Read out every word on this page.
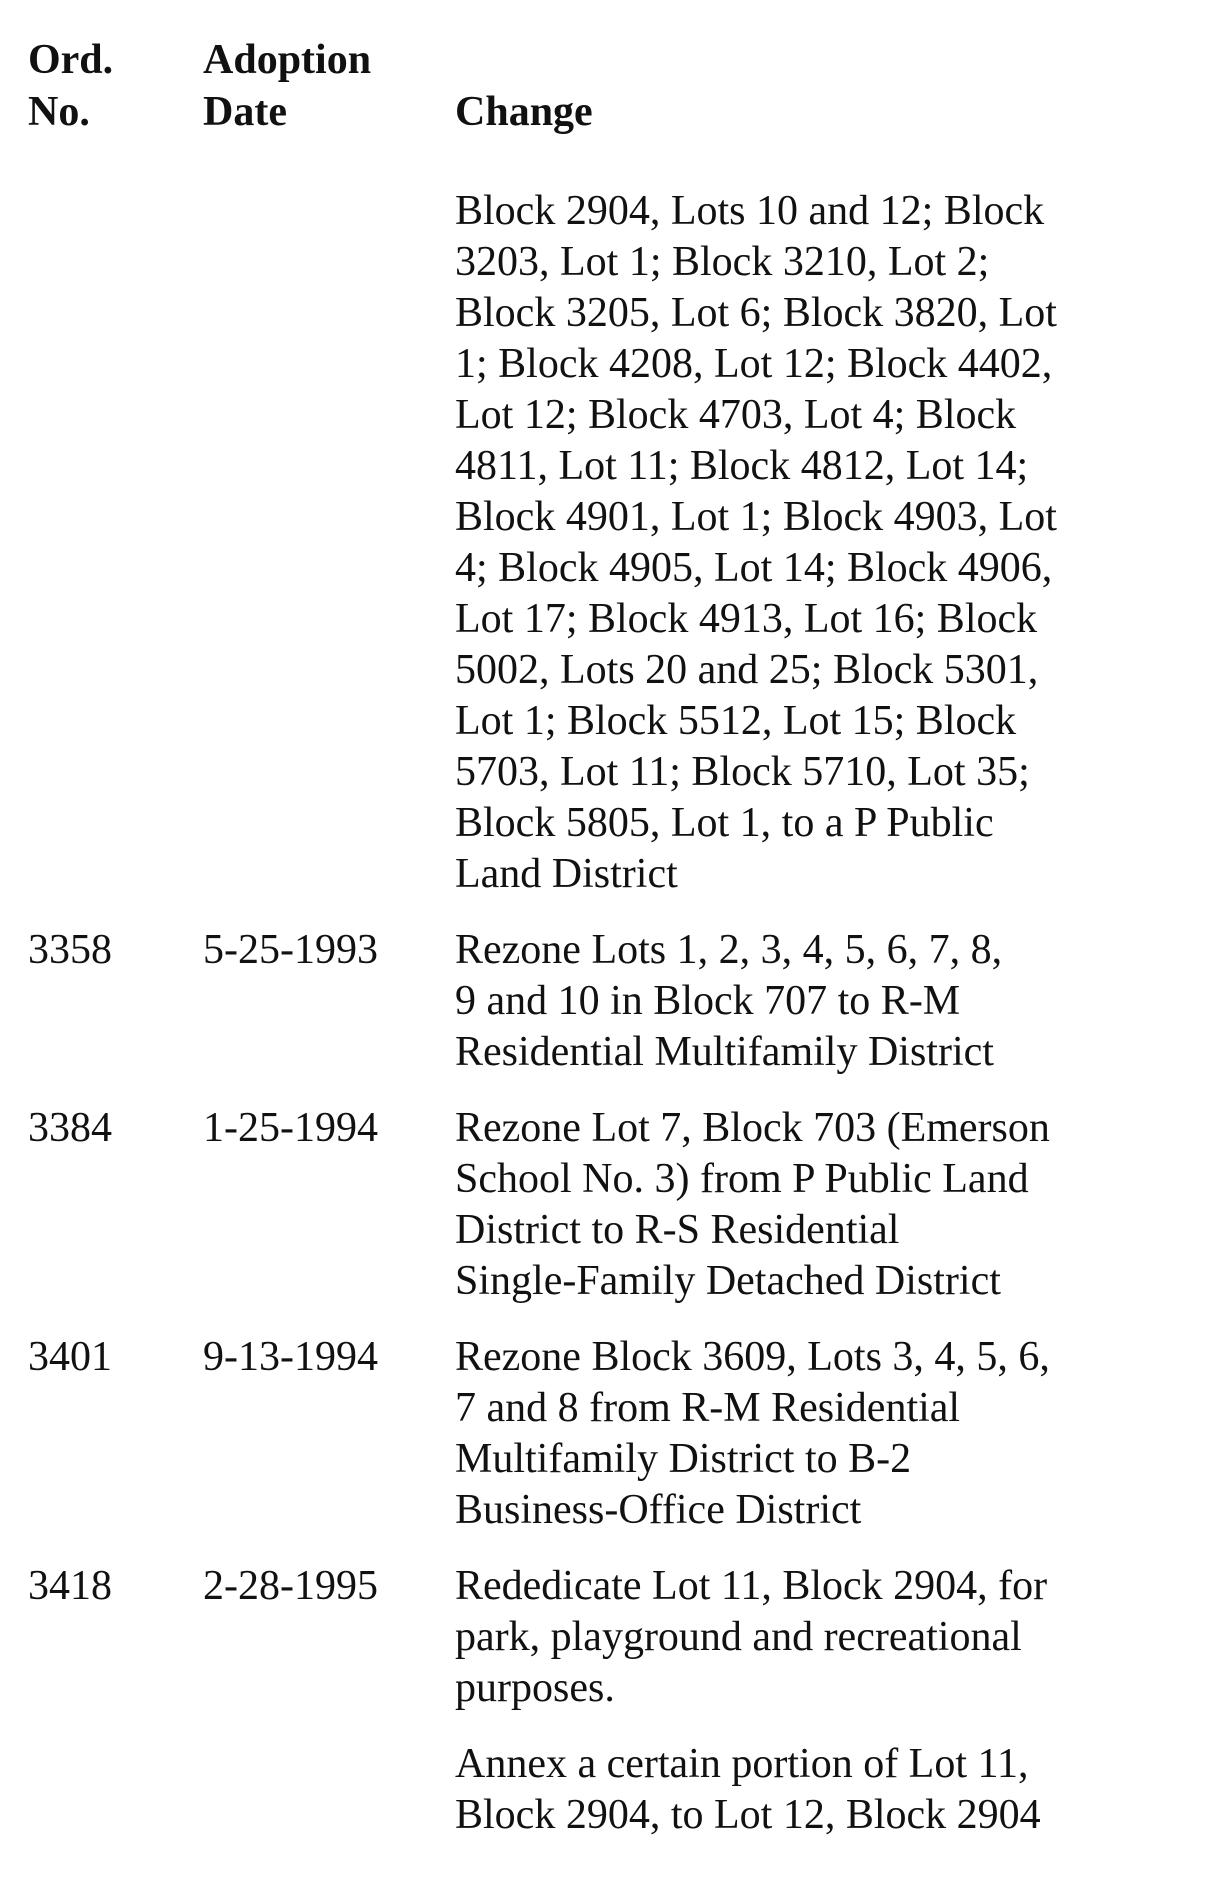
Ord.
No.
Adoption
Date	Change
Block 2904, Lots 10 and 12; Block
3203, Lot 1; Block 3210, Lot 2;
Block 3205, Lot 6; Block 3820, Lot
1; Block 4208, Lot 12; Block 4402,
Lot 12; Block 4703, Lot 4; Block
4811, Lot 11; Block 4812, Lot 14;
Block 4901, Lot 1; Block 4903, Lot
4; Block 4905, Lot 14; Block 4906,
Lot 17; Block 4913, Lot 16; Block
5002, Lots 20 and 25; Block 5301,
Lot 1; Block 5512, Lot 15; Block
5703, Lot 11; Block 5710, Lot 35;
Block 5805, Lot 1, to a P Public
Land District
3358 5-25-1993 Rezone Lots 1, 2, 3, 4, 5, 6, 7, 8,
9 and 10 in Block 707 to R-M
Residential Multifamily District
3384 1-25-1994 Rezone Lot 7, Block 703 (Emerson
School No. 3) from P Public Land
District to R-S Residential
Single-Family Detached District
3401 9-13-1994 Rezone Block 3609, Lots 3, 4, 5, 6,
7 and 8 from R-M Residential
Multifamily District to B-2
Business-Office District
3418 2-28-1995 Rededicate Lot 11, Block 2904, for
park, playground and recreational
purposes.
Annex a certain portion of Lot 11,
Block 2904, to Lot 12, Block 2904
